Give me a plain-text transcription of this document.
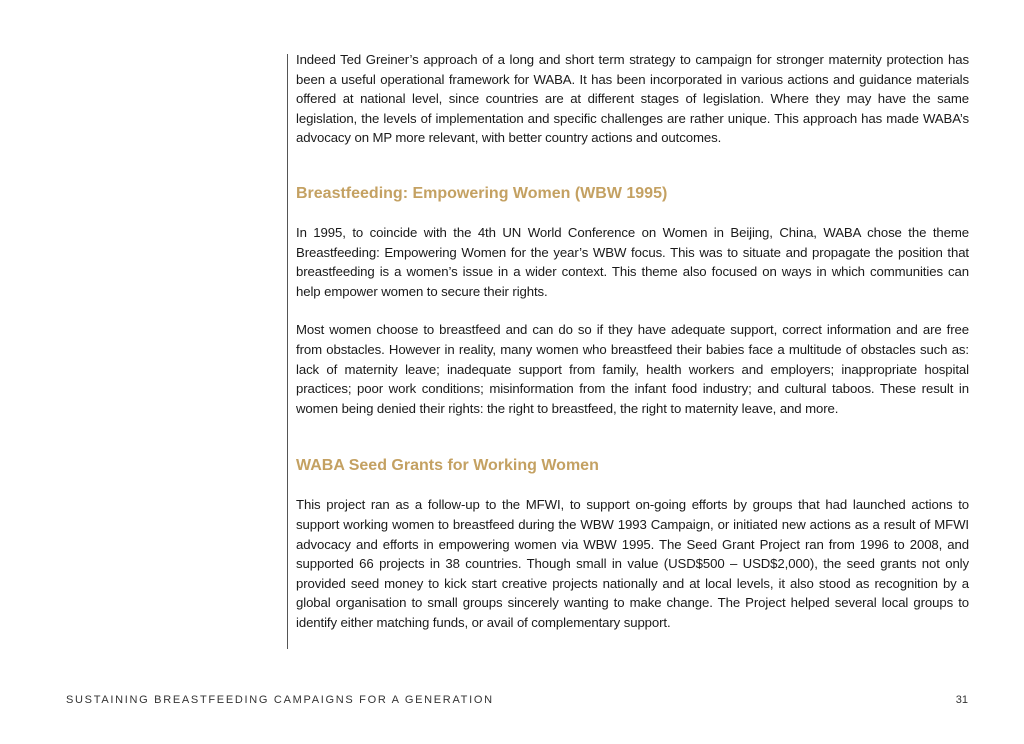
Indeed Ted Greiner’s approach of a long and short term strategy to campaign for stronger maternity protection has been a useful operational framework for WABA. It has been incorporated in various actions and guidance materials offered at national level, since countries are at different stages of legislation. Where they may have the same legislation, the levels of implementation and specific challenges are rather unique. This approach has made WABA’s advocacy on MP more relevant, with better country actions and outcomes.

Breastfeeding: Empowering Women (WBW 1995)

In 1995, to coincide with the 4th UN World Conference on Women in Beijing, China, WABA chose the theme Breastfeeding: Empowering Women for the year’s WBW focus. This was to situate and propagate the position that breastfeeding is a women’s issue in a wider context. This theme also focused on ways in which communities can help empower women to secure their rights.

Most women choose to breastfeed and can do so if they have adequate support, correct information and are free from obstacles. However in reality, many women who breastfeed their babies face a multitude of obstacles such as: lack of maternity leave; inadequate support from family, health workers and employers; inappropriate hospital practices; poor work conditions; misinformation from the infant food industry; and cultural taboos. These result in women being denied their rights: the right to breastfeed, the right to maternity leave, and more.

WABA Seed Grants for Working Women

This project ran as a follow-up to the MFWI, to support on-going efforts by groups that had launched actions to support working women to breastfeed during the WBW 1993 Campaign, or initiated new actions as a result of MFWI advocacy and efforts in empowering women via WBW 1995. The Seed Grant Project ran from 1996 to 2008, and supported 66 projects in 38 countries. Though small in value (USD$500 – USD$2,000), the seed grants not only provided seed money to kick start creative projects nationally and at local levels, it also stood as recognition by a global organisation to small groups sincerely wanting to make change. The Project helped several local groups to identify either matching funds, or avail of complementary support.

SUSTAINING BREASTFEEDING CAMPAIGNS FOR A GENERATION	31
